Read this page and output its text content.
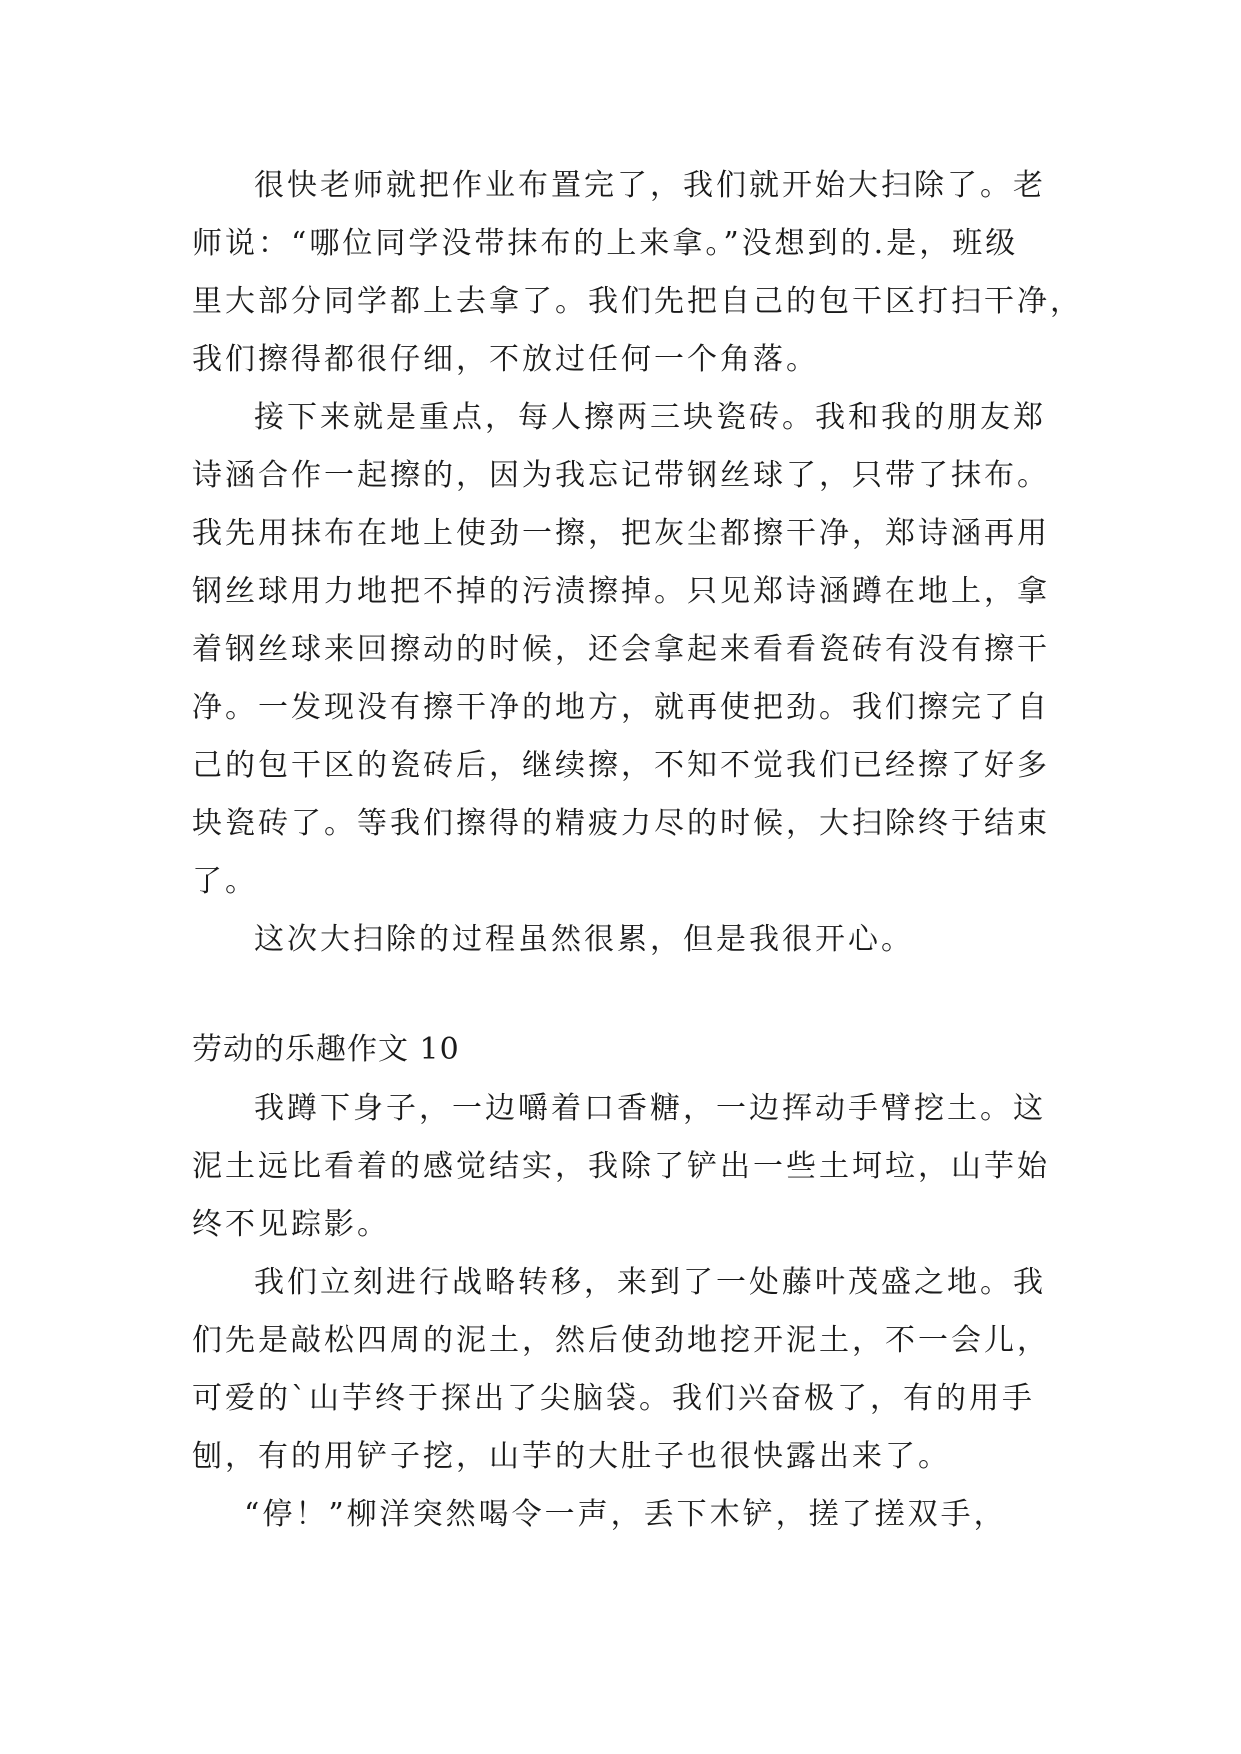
很快老师就把作业布置完了，我们就开始大扫除了。老
师说：“哪位同学没带抹布的上来拿。”没想到的.是，班级
里大部分同学都上去拿了。我们先把自己的包干区打扫干净，
我们擦得都很仔细，不放过任何一个角落。
接下来就是重点，每人擦两三块瓷砖。我和我的朋友郑
诗涵合作一起擦的，因为我忘记带钢丝球了，只带了抹布。
我先用抹布在地上使劲一擦，把灰尘都擦干净，郑诗涵再用
钢丝球用力地把不掉的污渍擦掉。只见郑诗涵蹲在地上，拿
着钢丝球来回擦动的时候，还会拿起来看看瓷砖有没有擦干
净。一发现没有擦干净的地方，就再使把劲。我们擦完了自
己的包干区的瓷砖后，继续擦，不知不觉我们已经擦了好多
块瓷砖了。等我们擦得的精疲力尽的时候，大扫除终于结束
了。
这次大扫除的过程虽然很累，但是我很开心。
劳动的乐趣作文 10
我蹲下身子，一边嚼着口香糖，一边挥动手臂挖土。这
泥土远比看着的感觉结实，我除了铲出一些土坷垃，山芋始
终不见踪影。
我们立刻进行战略转移，来到了一处藤叶茂盛之地。我
们先是敲松四周的泥土，然后使劲地挖开泥土，不一会儿，
可爱的`山芋终于探出了尖脑袋。我们兴奋极了，有的用手
刨，有的用铲子挖，山芋的大肚子也很快露出来了。
“停！”柳洋突然喝令一声，丢下木铲，搓了搓双手，
